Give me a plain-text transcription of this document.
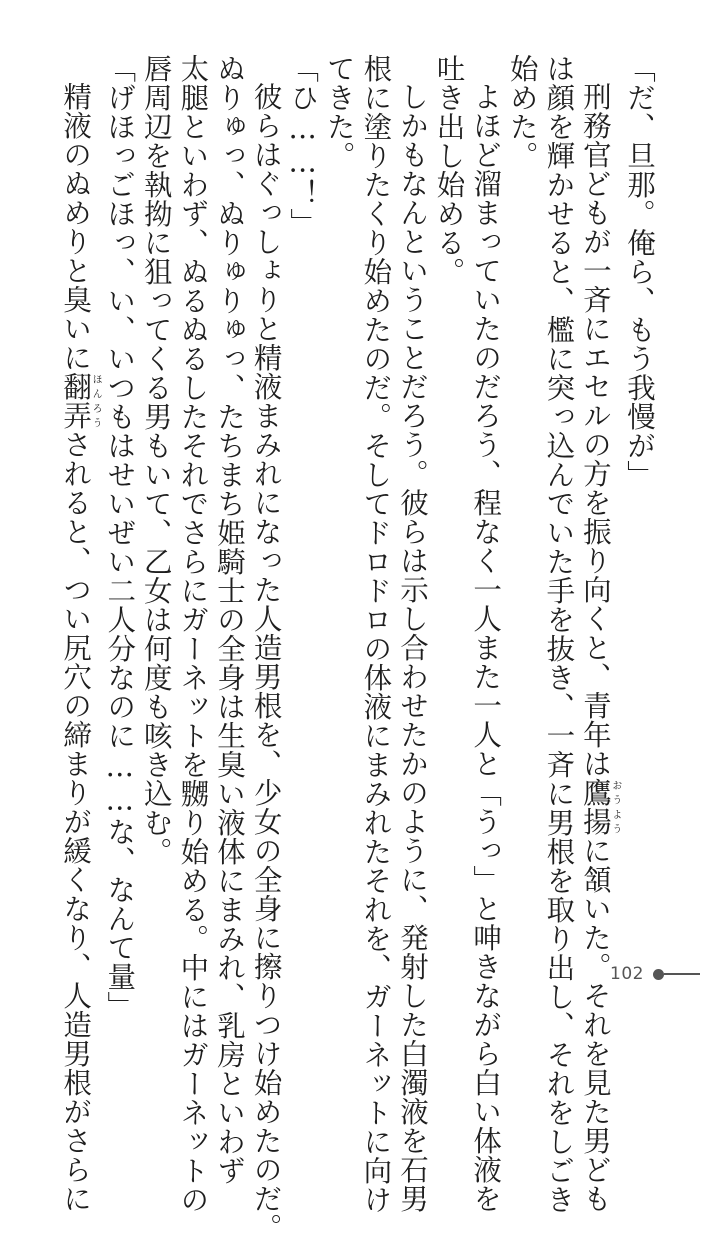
「だ、旦那。俺ら、もう我慢が」
刑務官どもが一斉にエセルの方を振り向くと、青年は鷹揚おうように頷いた。それを見た男ども
は顔を輝かせると、檻に突っ込んでいた手を抜き、一斉に男根を取り出し、それをしごき
始めた。
よほど溜まっていたのだろう、程なく一人また一人と「うっ」と呻きながら白い体液を
吐き出し始める。
しかもなんということだろう。彼らは示し合わせたかのように、発射した白濁液を石男
根に塗りたくり始めたのだ。そしてドロドロの体液にまみれたそれを、ガーネットに向け
てきた。
「ひ……！」
彼らはぐっしょりと精液まみれになった人造男根を、少女の全身に擦りつけ始めたのだ。
ぬりゅっ、ぬりゅりゅっ、たちまち姫騎士の全身は生臭い液体にまみれ、乳房といわず
太腿といわず、ぬるぬるしたそれでさらにガーネットを嬲り始める。中にはガーネットの
唇周辺を執拗に狙ってくる男もいて、乙女は何度も咳き込む。
「げほっごほっ、い、いつもはせいぜい二人分なのに……な、なんて量」
精液のぬめりと臭いに翻弄ほんろうされると、つい尻穴の締まりが緩くなり、人造男根がさらに	102
